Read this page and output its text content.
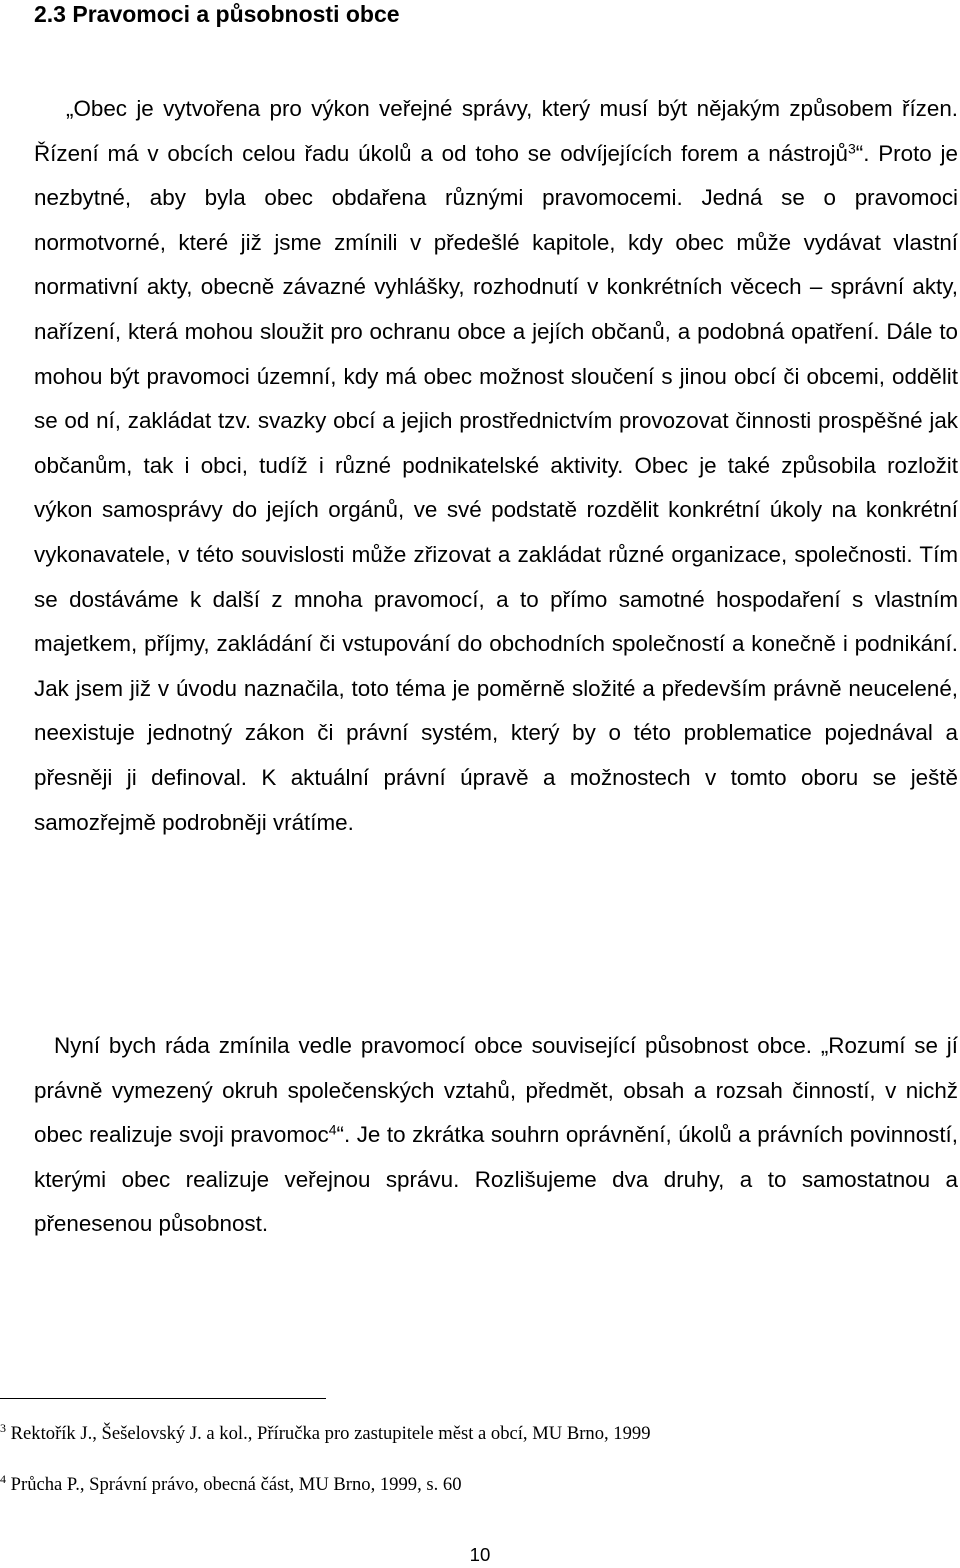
2.3 Pravomoci a působnosti obce

„Obec je vytvořena pro výkon veřejné správy, který musí být nějakým způsobem řízen. Řízení má v obcích celou řadu úkolů a od toho se odvíjejících forem a nástrojů$^3$“. Proto je nezbytné, aby byla obec obdařena různými pravomocemi. Jedná se o pravomoci normotvorné, které již jsme zmínili v předešlé kapitole, kdy obec může vydávat vlastní normativní akty, obecně závazné vyhlášky, rozhodnutí v konkrétních věcech – správní akty, nařízení, která mohou sloužit pro ochranu obce a jejích občanů, a podobná opatření. Dále to mohou být pravomoci územní, kdy má obec možnost sloučení s jinou obcí či obcemi, oddělit se od ní, zakládat tzv. svazky obcí a jejich prostřednictvím provozovat činnosti prospěšné jak občanům, tak i obci, tudíž i různé podnikatelské aktivity. Obec je také způsobila rozložit výkon samosprávy do jejích orgánů, ve své podstatě rozdělit konkrétní úkoly na konkrétní vykonavatele, v této souvislosti může zřizovat a zakládat různé organizace, společnosti. Tím se dostáváme k další z mnoha pravomocí, a to přímo samotné hospodaření s vlastním majetkem, příjmy, zakládání či vstupování do obchodních společností a konečně i podnikání. Jak jsem již v úvodu naznačila, toto téma je poměrně složité a především právně neucelené, neexistuje jednotný zákon či právní systém, který by o této problematice pojednával a přesněji ji definoval. K aktuální právní úpravě a možnostech v tomto oboru se ještě samozřejmě podrobněji vrátíme.

Nyní bych ráda zmínila vedle pravomocí obce související působnost obce. „Rozumí se jí právně vymezený okruh společenských vztahů, předmět, obsah a rozsah činností, v nichž obec realizuje svoji pravomoc$^4$“. Je to zkrátka souhrn oprávnění, úkolů a právních povinností, kterými obec realizuje veřejnou správu. Rozlišujeme dva druhy, a to samostatnou a přenesenou působnost.

$^3$ Rektořík J., Šešelovský J. a kol., Příručka pro zastupitele měst a obcí, MU Brno, 1999

$^4$ Průcha P., Správní právo, obecná část, MU Brno, 1999, s. 60

10
